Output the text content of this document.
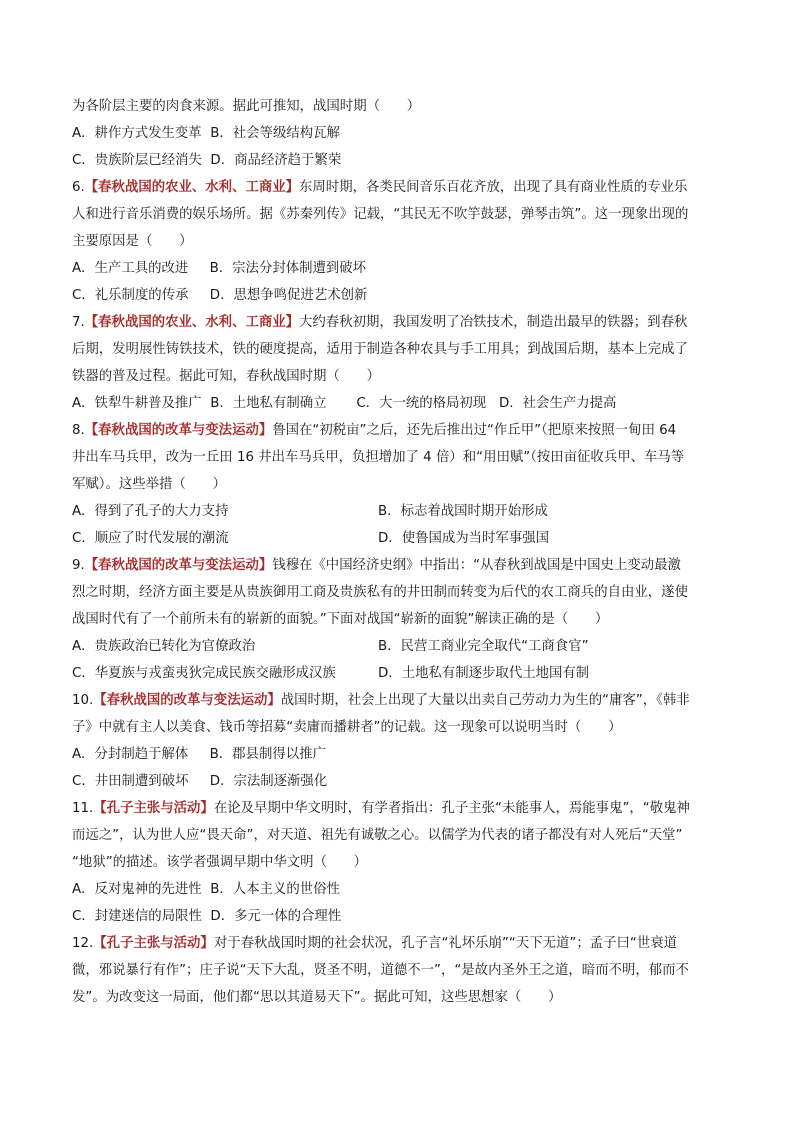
为各阶层主要的肉食来源。据此可推知，战国时期（　　）
A．耕作方式发生变革 B．社会等级结构瓦解
C．贵族阶层已经消失 D．商品经济趋于繁荣
6.【春秋战国的农业、水利、工商业】东周时期，各类民间音乐百花齐放，出现了具有商业性质的专业乐
人和进行音乐消费的娱乐场所。据《苏秦列传》记载，“其民无不吹竽鼓瑟，弹琴击筑”。这一现象出现的
主要原因是（　　）
A．生产工具的改进 B．宗法分封体制遭到破坏
C．礼乐制度的传承 D．思想争鸣促进艺术创新
7.【春秋战国的农业、水利、工商业】大约春秋初期，我国发明了冶铁技术，制造出最早的铁器；到春秋
后期，发明展性铸铁技术，铁的硬度提高，适用于制造各种农具与手工用具；到战国后期，基本上完成了
铁器的普及过程。据此可知，春秋战国时期（　　）
A．铁犁牛耕普及推广 B．土地私有制确立 C．大一统的格局初现 D．社会生产力提高
8.【春秋战国的改革与变法运动】鲁国在“初税亩”之后，还先后推出过“作丘甲”（把原来按照一甸田 64
井出车马兵甲，改为一丘田 16 井出车马兵甲，负担增加了 4 倍）和“用田赋”（按田亩征收兵甲、车马等
军赋）。这些举措（　　）
A．得到了孔子的大力支持	B．标志着战国时期开始形成
C．顺应了时代发展的潮流	D．使鲁国成为当时军事强国
9.【春秋战国的改革与变法运动】钱穆在《中国经济史纲》中指出：“从春秋到战国是中国史上变动最激
烈之时期，经济方面主要是从贵族御用工商及贵族私有的井田制而转变为后代的农工商兵的自由业，遂使
战国时代有了一个前所未有的崭新的面貌。”下面对战国“崭新的面貌”解读正确的是（　　）
A．贵族政治已转化为官僚政治	B．民营工商业完全取代“工商食官”
C．华夏族与戎蛮夷狄完成民族交融形成汉族	D．土地私有制逐步取代土地国有制
10.【春秋战国的改革与变法运动】战国时期，社会上出现了大量以出卖自己劳动力为生的“庸客”，《韩非
子》中就有主人以美食、钱币等招募“卖庸而播耕者”的记载。这一现象可以说明当时（　　）
A．分封制趋于解体 B．郡县制得以推广
C．井田制遭到破坏 D．宗法制逐渐强化
11.【孔子主张与活动】在论及早期中华文明时，有学者指出：孔子主张“未能事人，焉能事鬼”，“敬鬼神
而远之”，认为世人应“畏天命”，对天道、祖先有诚敬之心。以儒学为代表的诸子都没有对人死后“天堂”
“地狱”的描述。该学者强调早期中华文明（　　）
A．反对鬼神的先进性 B．人本主义的世俗性
C．封建迷信的局限性 D．多元一体的合理性
12.【孔子主张与活动】对于春秋战国时期的社会状况，孔子言“礼坏乐崩”“天下无道”；孟子曰“世衰道
微，邪说暴行有作”；庄子说“天下大乱，贤圣不明，道德不一”，“是故内圣外王之道，暗而不明，郁而不
发”。为改变这一局面，他们都“思以其道易天下”。据此可知，这些思想家（　　）
